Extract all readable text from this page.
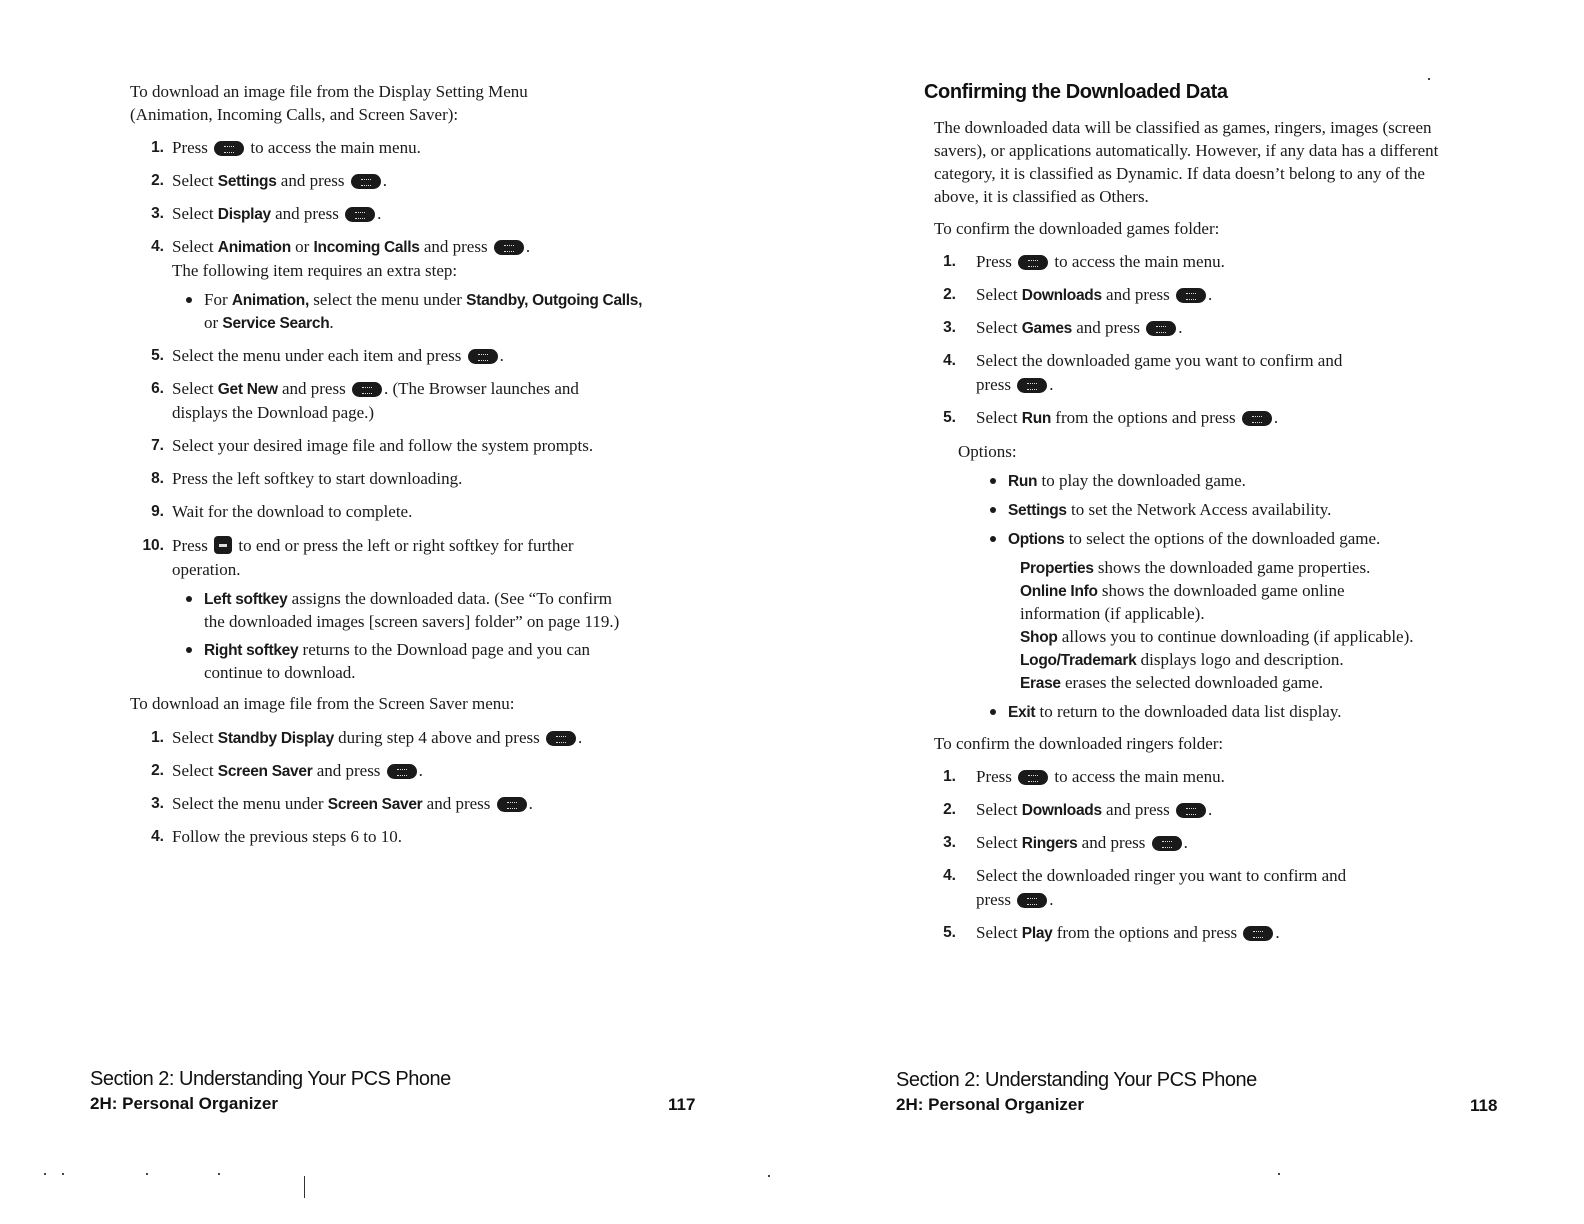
To download an image file from the Display Setting Menu (Animation, Incoming Calls, and Screen Saver):
1. Press	to access the main menu.
2. Select Settings and press .
3. Select Display and press .
4. Select Animation or Incoming Calls and press .
The following item requires an extra step:
For Animation, select the menu under Standby, Outgoing Calls,
or Service Search.
5. Select the menu under each item and press .
6. Select Get New and press . (The Browser launches and
displays the Download page.)
7. Select your desired image file and follow the system prompts.
8. Press the left softkey to start downloading.
9. Wait for the download to complete.
10. Press to end or press the left or right softkey for further
operation.
Left softkey assigns the downloaded data. (See “To confirm
the downloaded images [screen savers] folder” on page 119.)
Right softkey returns to the Download page and you can
continue to download.
To download an image file from the Screen Saver menu:
1. Select Standby Display during step 4 above and press .
2. Select Screen Saver and press .
3. Select the menu under Screen Saver and press .
4. Follow the previous steps 6 to 10.
Section 2: Understanding Your PCS Phone
2H: Personal Organizer	117
Confirming the Downloaded Data
The downloaded data will be classified as games, ringers, images (screen savers), or applications automatically. However, if any data has a different category, it is classified as Dynamic. If data doesn’t belong to any of the above, it is classified as Others.
To confirm the downloaded games folder:
1. Press	to access the main menu.
2. Select Downloads and press .
3. Select Games and press .
4. Select the downloaded game you want to confirm and
press .
5. Select Run from the options and press .
Options:
Run to play the downloaded game.
Settings to set the Network Access availability.
Options to select the options of the downloaded game.
Properties shows the downloaded game properties.
Online Info shows the downloaded game online
information (if applicable).
Shop allows you to continue downloading (if applicable).
Logo/Trademark displays logo and description.
Erase erases the selected downloaded game.
Exit to return to the downloaded data list display.
To confirm the downloaded ringers folder:
1. Press	to access the main menu.
2. Select Downloads and press .
3. Select Ringers and press .
4. Select the downloaded ringer you want to confirm and
press .
5. Select Play from the options and press .
Section 2: Understanding Your PCS Phone
2H: Personal Organizer	118
